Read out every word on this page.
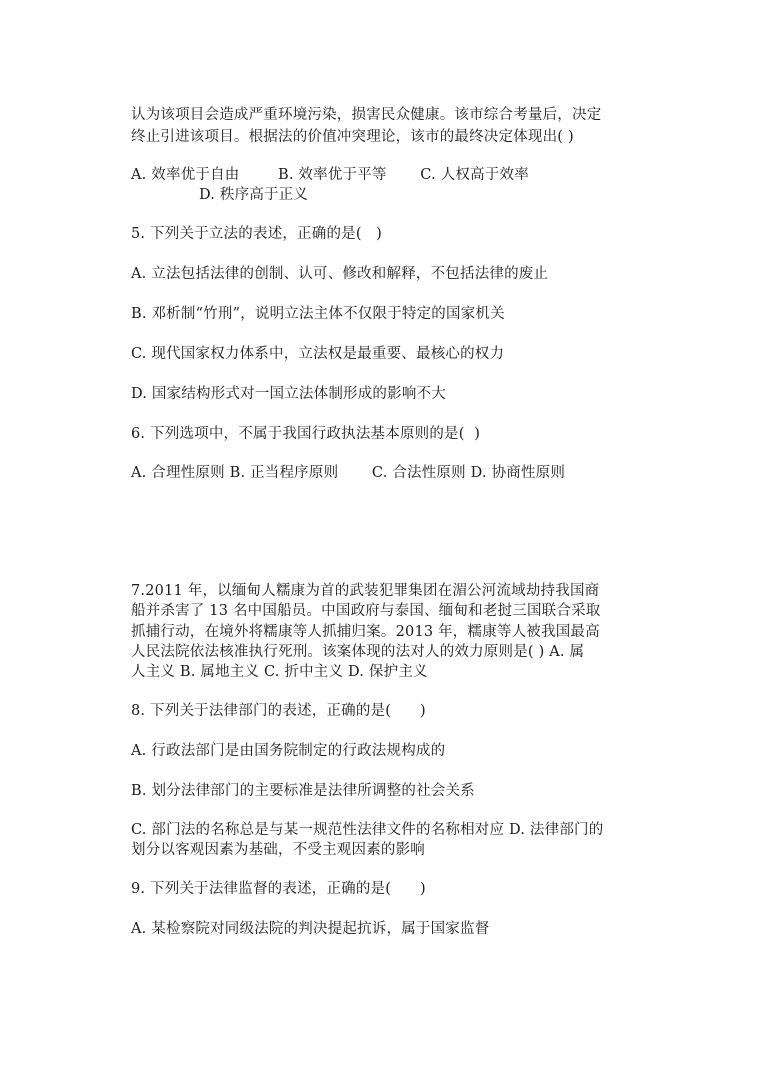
认为该项目会造成严重环境污染，损害民众健康。该市综合考量后，决定
终止引进该项目。根据法的价值冲突理论，该市的最终决定体现出( )
A. 效率优于自由        B. 效率优于平等       C. 人权高于效率
D. 秩序高于正义
5. 下列关于立法的表述，正确的是(   )
A. 立法包括法律的创制、认可、修改和解释，不包括法律的废止
B. 邓析制“竹刑”，说明立法主体不仅限于特定的国家机关
C. 现代国家权力体系中，立法权是最重要、最核心的权力
D. 国家结构形式对一国立法体制形成的影响不大
6. 下列选项中，不属于我国行政执法基本原则的是(  )
A. 合理性原则 B. 正当程序原则       C. 合法性原则 D. 协商性原则
7.2011 年，以缅甸人糯康为首的武装犯罪集团在湄公河流域劫持我国商
船并杀害了 13 名中国船员。中国政府与泰国、缅甸和老挝三国联合采取
抓捕行动，在境外将糯康等人抓捕归案。2013 年，糯康等人被我国最高
人民法院依法核准执行死刑。该案体现的法对人的效力原则是( ) A. 属
人主义 B. 属地主义 C. 折中主义 D. 保护主义
8. 下列关于法律部门的表述，正确的是(      )
A. 行政法部门是由国务院制定的行政法规构成的
B. 划分法律部门的主要标准是法律所调整的社会关系
C. 部门法的名称总是与某一规范性法律文件的名称相对应 D. 法律部门的
划分以客观因素为基础，不受主观因素的影响
9. 下列关于法律监督的表述，正确的是(      )
A. 某检察院对同级法院的判决提起抗诉，属于国家监督
